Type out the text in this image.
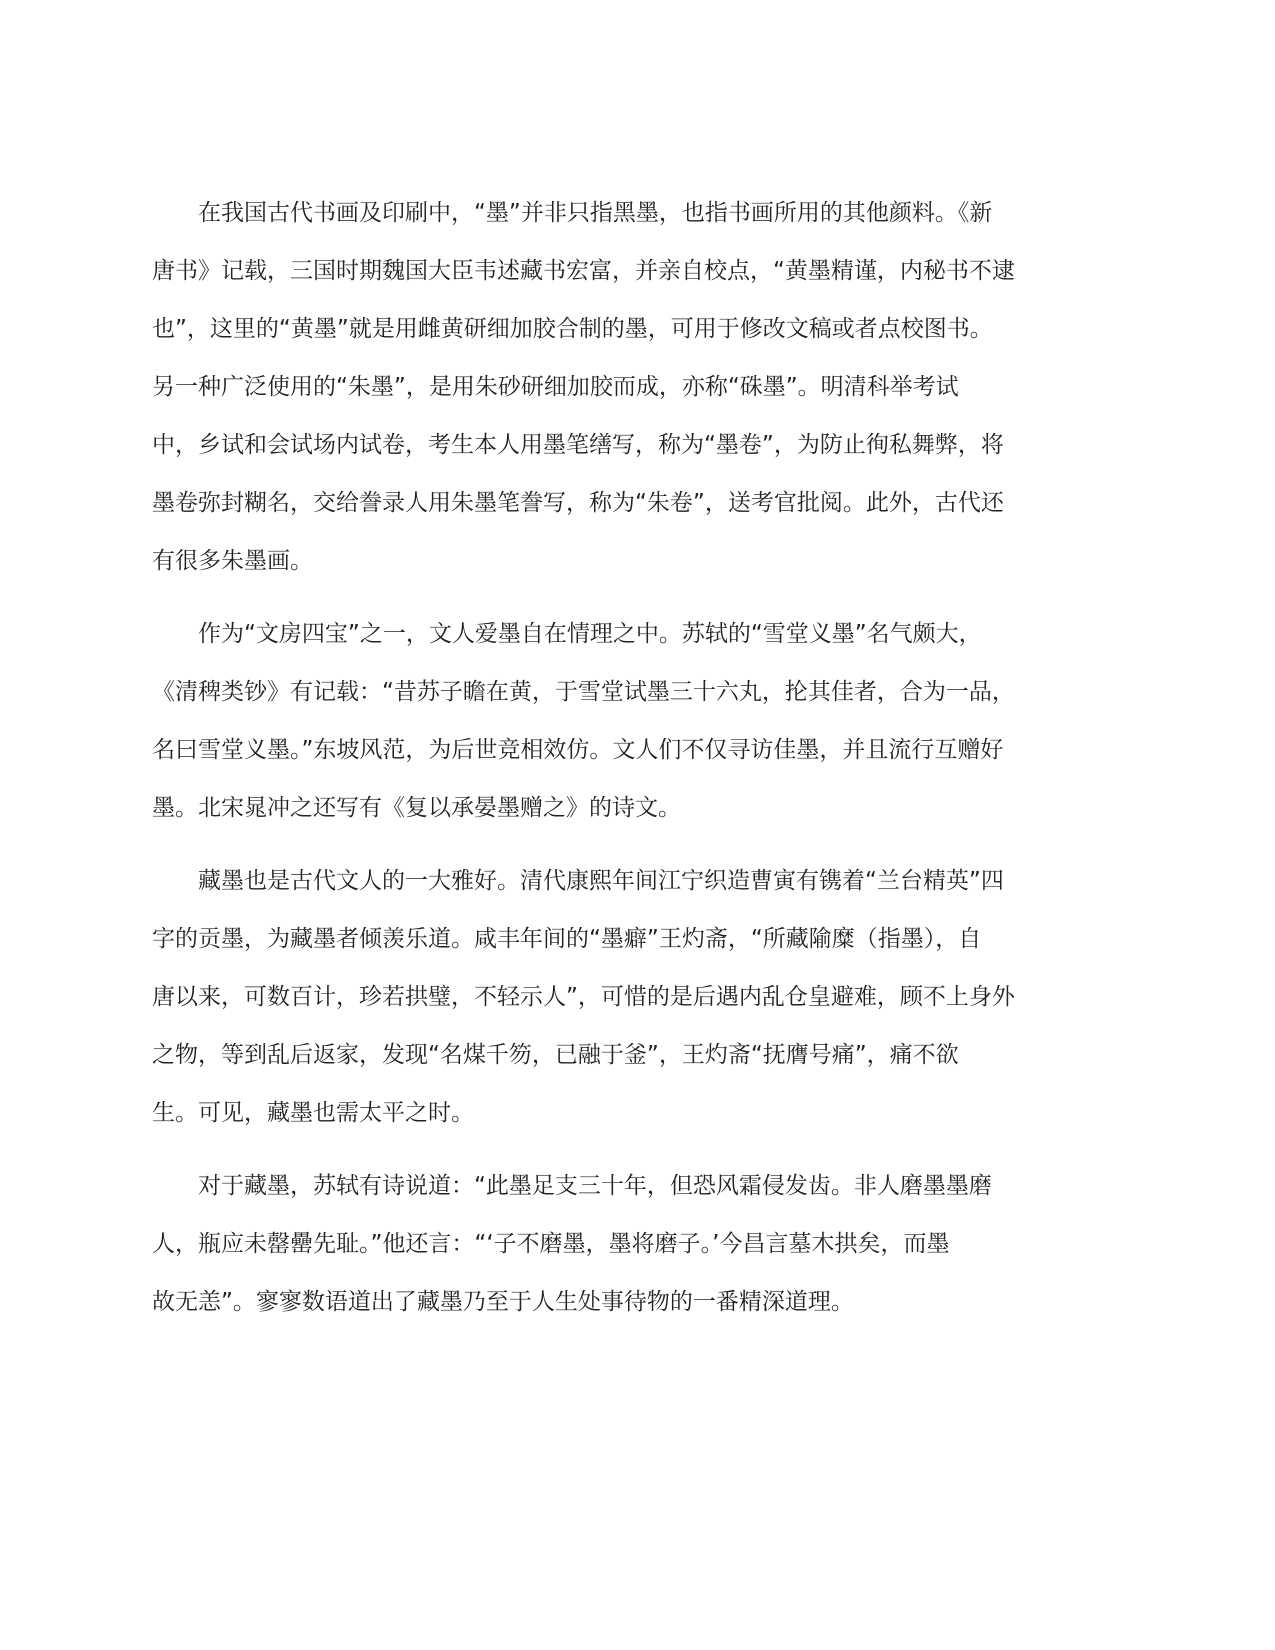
在我国古代书画及印刷中，“墨”并非只指黑墨，也指书画所用的其他颜料。《新
唐书》记载，三国时期魏国大臣韦述藏书宏富，并亲自校点，“黄墨精谨，内秘书不逮
也”，这里的“黄墨”就是用雌黄研细加胶合制的墨，可用于修改文稿或者点校图书。
另一种广泛使用的“朱墨”，是用朱砂研细加胶而成，亦称“硃墨”。明清科举考试
中，乡试和会试场内试卷，考生本人用墨笔缮写，称为“墨卷”，为防止徇私舞弊，将
墨卷弥封糊名，交给誊录人用朱墨笔誊写，称为“朱卷”，送考官批阅。此外，古代还
有很多朱墨画。

作为“文房四宝”之一，文人爱墨自在情理之中。苏轼的“雪堂义墨”名气颇大，
《清稗类钞》有记载：“昔苏子瞻在黄，于雪堂试墨三十六丸，抡其佳者，合为一品，
名曰雪堂义墨。”东坡风范，为后世竞相效仿。文人们不仅寻访佳墨，并且流行互赠好
墨。北宋晁冲之还写有《复以承晏墨赠之》的诗文。

藏墨也是古代文人的一大雅好。清代康熙年间江宁织造曹寅有镌着“兰台精英”四
字的贡墨，为藏墨者倾羡乐道。咸丰年间的“墨癖”王灼斋，“所藏隃糜（指墨），自
唐以来，可数百计，珍若拱璧，不轻示人”，可惜的是后遇内乱仓皇避难，顾不上身外
之物，等到乱后返家，发现“名煤千笏，已融于釜”，王灼斋“抚膺号痛”，痛不欲
生。可见，藏墨也需太平之时。

对于藏墨，苏轼有诗说道：“此墨足支三十年，但恐风霜侵发齿。非人磨墨墨磨
人，瓶应未罄罍先耻。”他还言：“‘子不磨墨，墨将磨子。’今昌言墓木拱矣，而墨
故无恙”。寥寥数语道出了藏墨乃至于人生处事待物的一番精深道理。
